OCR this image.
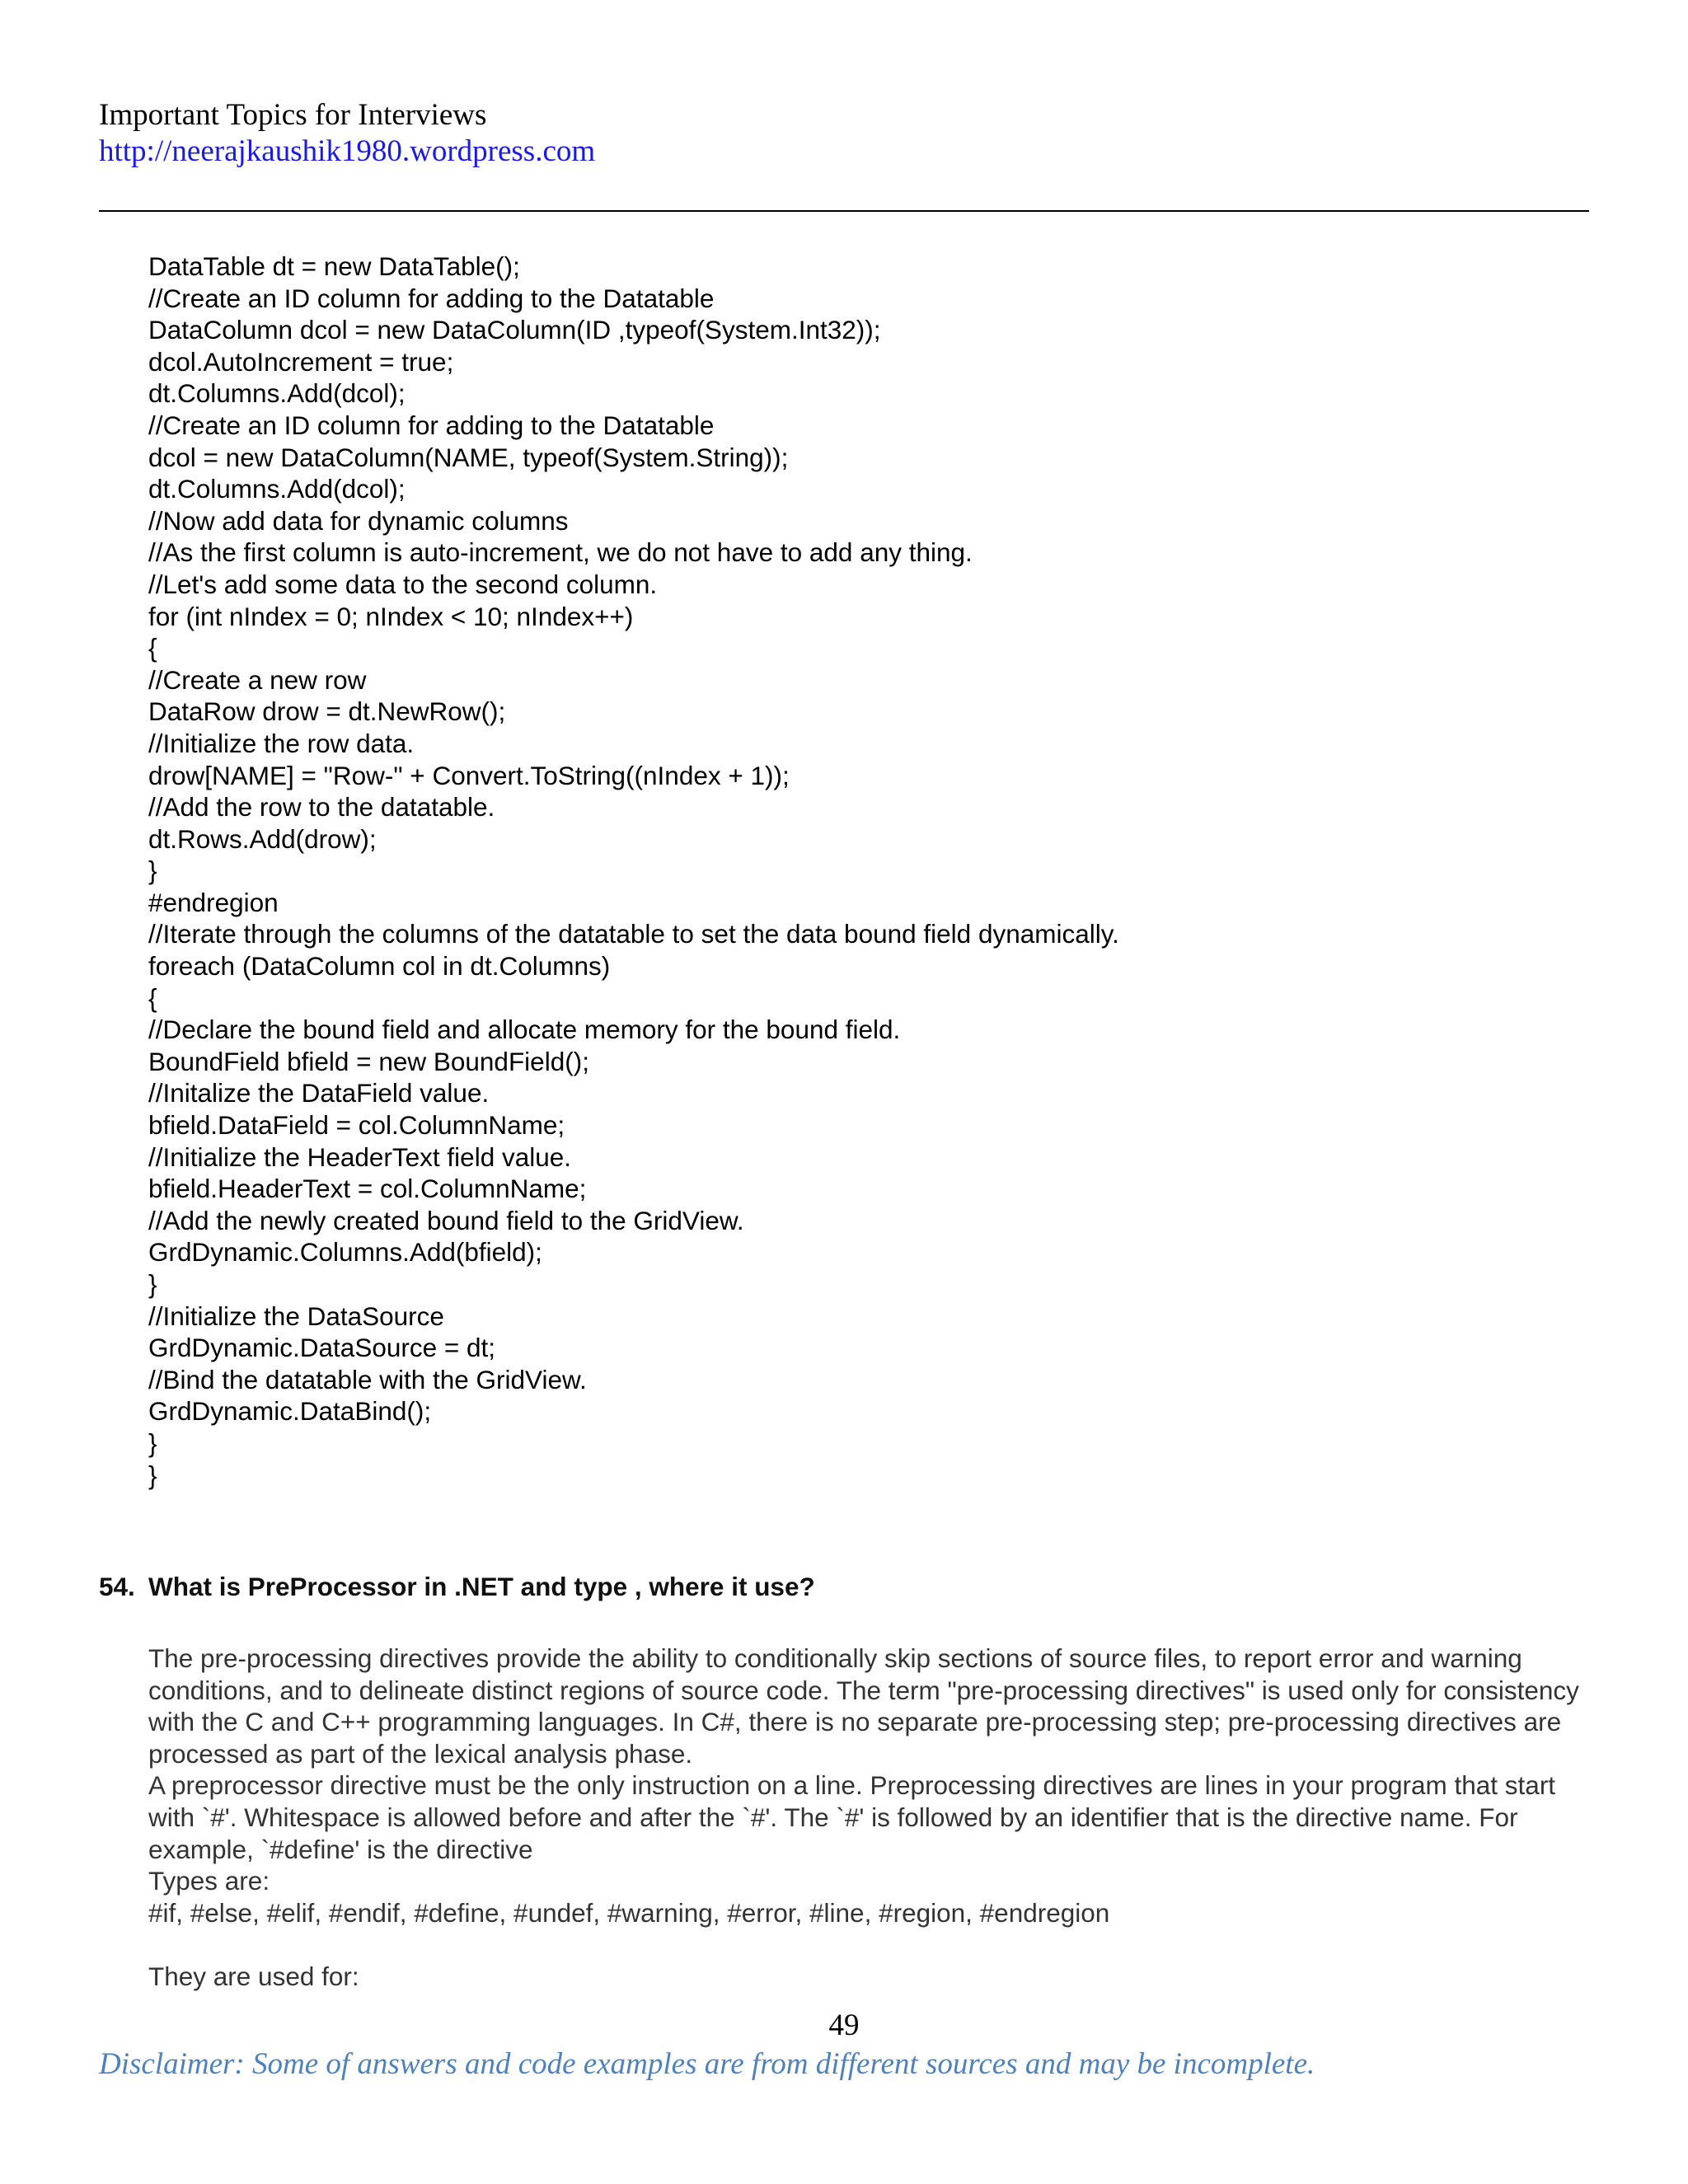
Important Topics for Interviews
http://neerajkaushik1980.wordpress.com
DataTable dt = new DataTable();
//Create an ID column for adding to the Datatable
DataColumn dcol = new DataColumn(ID ,typeof(System.Int32));
dcol.AutoIncrement = true;
dt.Columns.Add(dcol);
//Create an ID column for adding to the Datatable
dcol = new DataColumn(NAME, typeof(System.String));
dt.Columns.Add(dcol);
//Now add data for dynamic columns
//As the first column is auto-increment, we do not have to add any thing.
//Let's add some data to the second column.
for (int nIndex = 0; nIndex < 10; nIndex++)
{
//Create a new row
DataRow drow = dt.NewRow();
//Initialize the row data.
drow[NAME] = "Row-" + Convert.ToString((nIndex + 1));
//Add the row to the datatable.
dt.Rows.Add(drow);
}
#endregion
//Iterate through the columns of the datatable to set the data bound field dynamically.
foreach (DataColumn col in dt.Columns)
{
//Declare the bound field and allocate memory for the bound field.
BoundField bfield = new BoundField();
//Initalize the DataField value.
bfield.DataField = col.ColumnName;
//Initialize the HeaderText field value.
bfield.HeaderText = col.ColumnName;
//Add the newly created bound field to the GridView.
GrdDynamic.Columns.Add(bfield);
}
//Initialize the DataSource
GrdDynamic.DataSource = dt;
//Bind the datatable with the GridView.
GrdDynamic.DataBind();
}
}
54. What is PreProcessor in .NET and type , where it use?

The pre-processing directives provide the ability to conditionally skip sections of source files, to report error and warning conditions, and to delineate distinct regions of source code. The term "pre-processing directives" is used only for consistency with the C and C++ programming languages. In C#, there is no separate pre-processing step; pre-processing directives are processed as part of the lexical analysis phase.

A preprocessor directive must be the only instruction on a line. Preprocessing directives are lines in your program that start with `#'. Whitespace is allowed before and after the `#'. The `#' is followed by an identifier that is the directive name. For example, `#define' is the directive

Types are:

#if, #else, #elif, #endif, #define, #undef, #warning, #error, #line, #region, #endregion

They are used for:

49
Disclaimer: Some of answers and code examples are from different sources and may be incomplete.
